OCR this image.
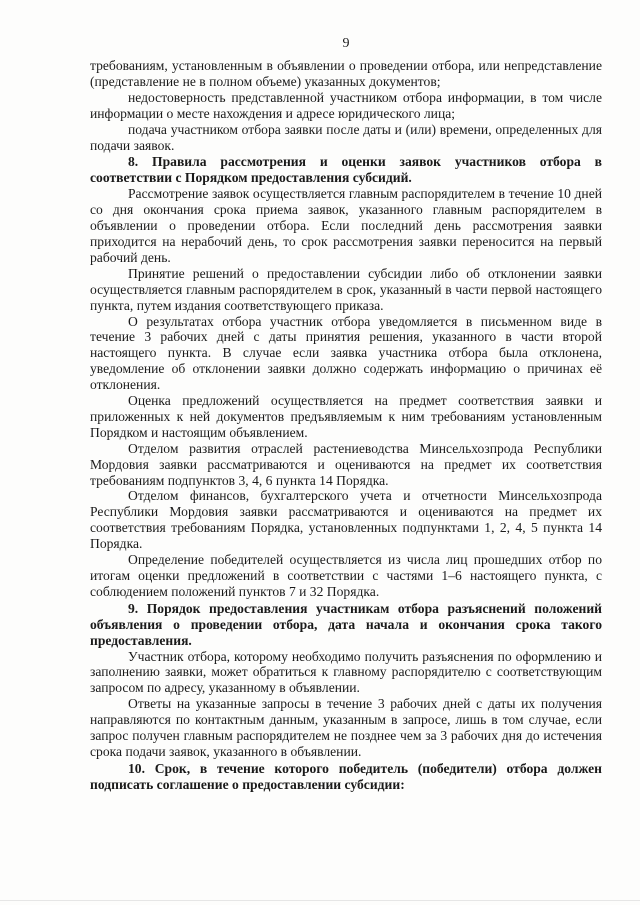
9

требованиям, установленным в объявлении о проведении отбора, или непредставление (представление не в полном объеме) указанных документов;

недостоверность представленной участником отбора информации, в том числе информации о месте нахождения и адресе юридического лица;

подача участником отбора заявки после даты и (или) времени, определенных для подачи заявок.

8. Правила рассмотрения и оценки заявок участников отбора в соответствии с Порядком предоставления субсидий.

Рассмотрение заявок осуществляется главным распорядителем в течение 10 дней со дня окончания срока приема заявок, указанного главным распорядителем в объявлении о проведении отбора. Если последний день рассмотрения заявки приходится на нерабочий день, то срок рассмотрения заявки переносится на первый рабочий день.

Принятие решений о предоставлении субсидии либо об отклонении заявки осуществляется главным распорядителем в срок, указанный в части первой настоящего пункта, путем издания соответствующего приказа.

О результатах отбора участник отбора уведомляется в письменном виде в течение 3 рабочих дней с даты принятия решения, указанного в части второй настоящего пункта. В случае если заявка участника отбора была отклонена, уведомление об отклонении заявки должно содержать информацию о причинах её отклонения.

Оценка предложений осуществляется на предмет соответствия заявки и приложенных к ней документов предъявляемым к ним требованиям установленным Порядком и настоящим объявлением.

Отделом развития отраслей растениеводства Минсельхозпрода Республики Мордовия заявки рассматриваются и оцениваются на предмет их соответствия требованиям подпунктов 3, 4, 6 пункта 14 Порядка.

Отделом финансов, бухгалтерского учета и отчетности Минсельхозпрода Республики Мордовия заявки рассматриваются и оцениваются на предмет их соответствия требованиям Порядка, установленных подпунктами 1, 2, 4, 5 пункта 14 Порядка.

Определение победителей осуществляется из числа лиц прошедших отбор по итогам оценки предложений в соответствии с частями 1–6 настоящего пункта, с соблюдением положений пунктов 7 и 32 Порядка.

9. Порядок предоставления участникам отбора разъяснений положений объявления о проведении отбора, дата начала и окончания срока такого предоставления.

Участник отбора, которому необходимо получить разъяснения по оформлению и заполнению заявки, может обратиться к главному распорядителю с соответствующим запросом по адресу, указанному в объявлении.

Ответы на указанные запросы в течение 3 рабочих дней с даты их получения направляются по контактным данным, указанным в запросе, лишь в том случае, если запрос получен главным распорядителем не позднее чем за 3 рабочих дня до истечения срока подачи заявок, указанного в объявлении.

10. Срок, в течение которого победитель (победители) отбора должен подписать соглашение о предоставлении субсидии:
